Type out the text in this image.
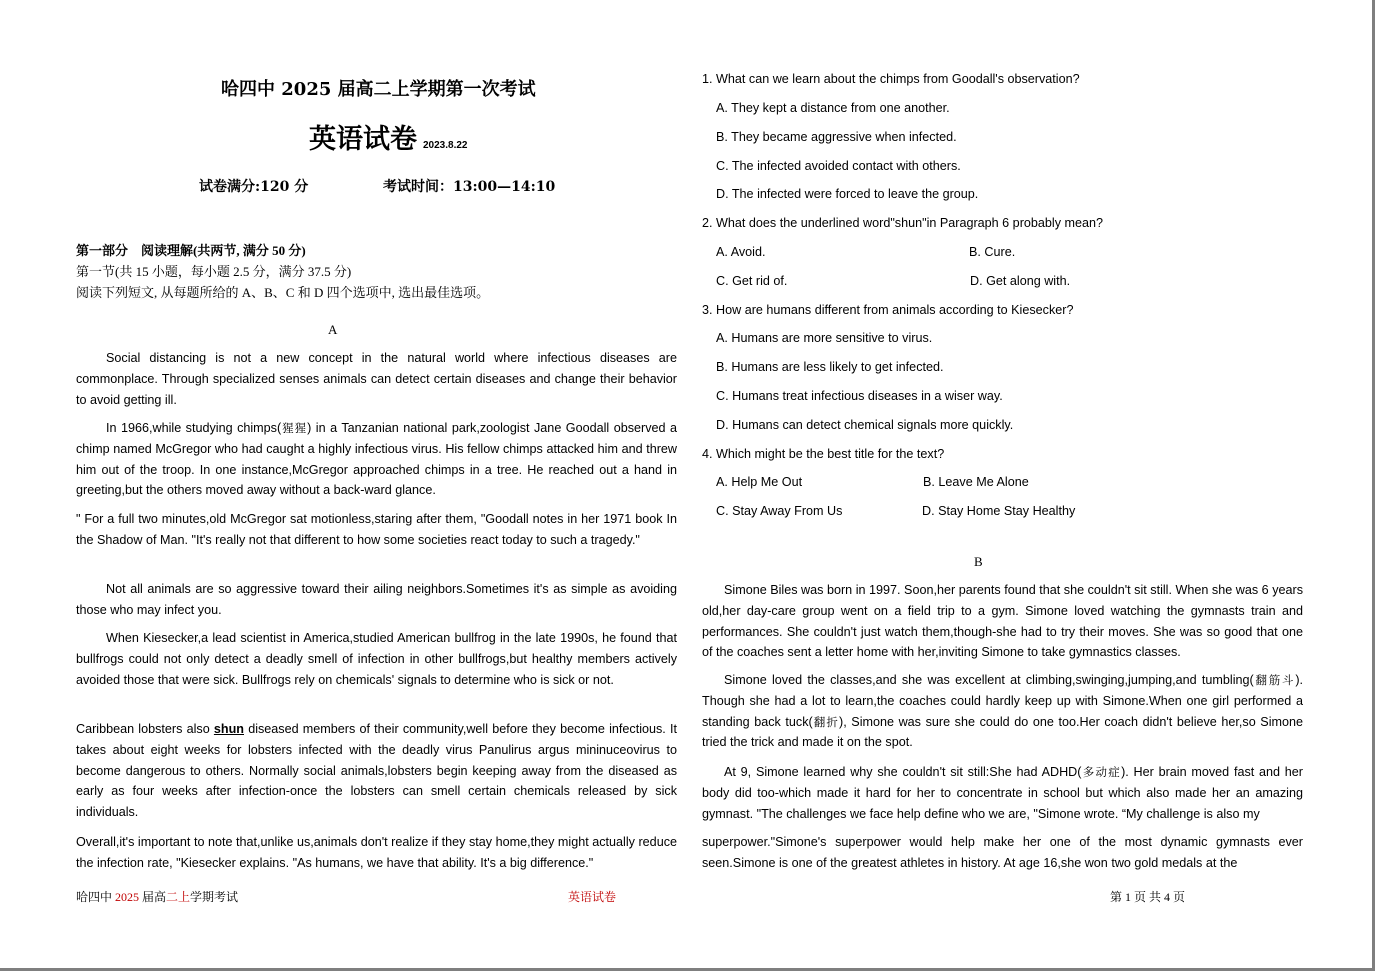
哈四中 2025 届高二上学期第一次考试
英语试卷 2023.8.22
试卷满分:120 分	考试时间：13:00—14:10
第一部分　阅读理解(共两节, 满分 50 分)
第一节(共 15 小题，每小题 2.5 分，满分 37.5 分)
阅读下列短文, 从每题所给的 A、B、C 和 D 四个选项中, 选出最佳选项。
A
Social distancing is not a new concept in the natural world where infectious diseases are commonplace. Through specialized senses animals can detect certain diseases and change their behavior to avoid getting ill.
In 1966,while studying chimps(猩猩) in a Tanzanian national park,zoologist Jane Goodall observed a chimp named McGregor who had caught a highly infectious virus. His fellow chimps attacked him and threw him out of the troop. In one instance,McGregor approached chimps in a tree. He reached out a hand in greeting,but the others moved away without a back-ward glance.
" For a full two minutes,old McGregor sat motionless,staring after them, "Goodall notes in her 1971 book In the Shadow of Man. "It's really not that different to how some societies react today to such a tragedy."
Not all animals are so aggressive toward their ailing neighbors.Sometimes it's as simple as avoiding those who may infect you.
When Kiesecker,a lead scientist in America,studied American bullfrog in the late 1990s, he found that bullfrogs could not only detect a deadly smell of infection in other bullfrogs,but healthy members actively avoided those that were sick. Bullfrogs rely on chemicals' signals to determine who is sick or not.
Caribbean lobsters also shun diseased members of their community,well before they become infectious. It takes about eight weeks for lobsters infected with the deadly virus Panulirus argus mininuceovirus to become dangerous to others. Normally social animals,lobsters begin keeping away from the diseased as early as four weeks after infection-once the lobsters can smell certain chemicals released by sick individuals.
Overall,it's important to note that,unlike us,animals don't realize if they stay home,they might actually reduce the infection rate, "Kiesecker explains. "As humans, we have that ability. It's a big difference."
1. What can we learn about the chimps from Goodall's observation?
A. They kept a distance from one another.
B. They became aggressive when infected.
C. The infected avoided contact with others.
D. The infected were forced to leave the group.
2. What does the underlined word"shun"in Paragraph 6 probably mean?
A. Avoid.	B. Cure.
C. Get rid of.	D. Get along with.
3. How are humans different from animals according to Kiesecker?
A. Humans are more sensitive to virus.
B. Humans are less likely to get infected.
C. Humans treat infectious diseases in a wiser way.
D. Humans can detect chemical signals more quickly.
4. Which might be the best title for the text?
A. Help Me Out	B. Leave Me Alone
C. Stay Away From Us	D. Stay Home Stay Healthy
B
Simone Biles was born in 1997. Soon,her parents found that she couldn't sit still. When she was 6 years old,her day-care group went on a field trip to a gym. Simone loved watching the gymnasts train and performances. She couldn't just watch them,though-she had to try their moves. She was so good that one of the coaches sent a letter home with her,inviting Simone to take gymnastics classes.
Simone loved the classes,and she was excellent at climbing,swinging,jumping,and tumbling(翻筋斗). Though she had a lot to learn,the coaches could hardly keep up with Simone.When one girl performed a standing back tuck(翻折), Simone was sure she could do one too.Her coach didn't believe her,so Simone tried the trick and made it on the spot.
At 9, Simone learned why she couldn't sit still:She had ADHD(多动症). Her brain moved fast and her body did too-which made it hard for her to concentrate in school but which also made her an amazing gymnast. "The challenges we face help define who we are, "Simone wrote. “My challenge is also my
superpower."Simone's superpower would help make her one of the most dynamic gymnasts ever seen.Simone is one of the greatest athletes in history. At age 16,she won two gold medals at the
哈四中 2025 届高二上学期考试	英语试卷	第 1 页 共 4 页
